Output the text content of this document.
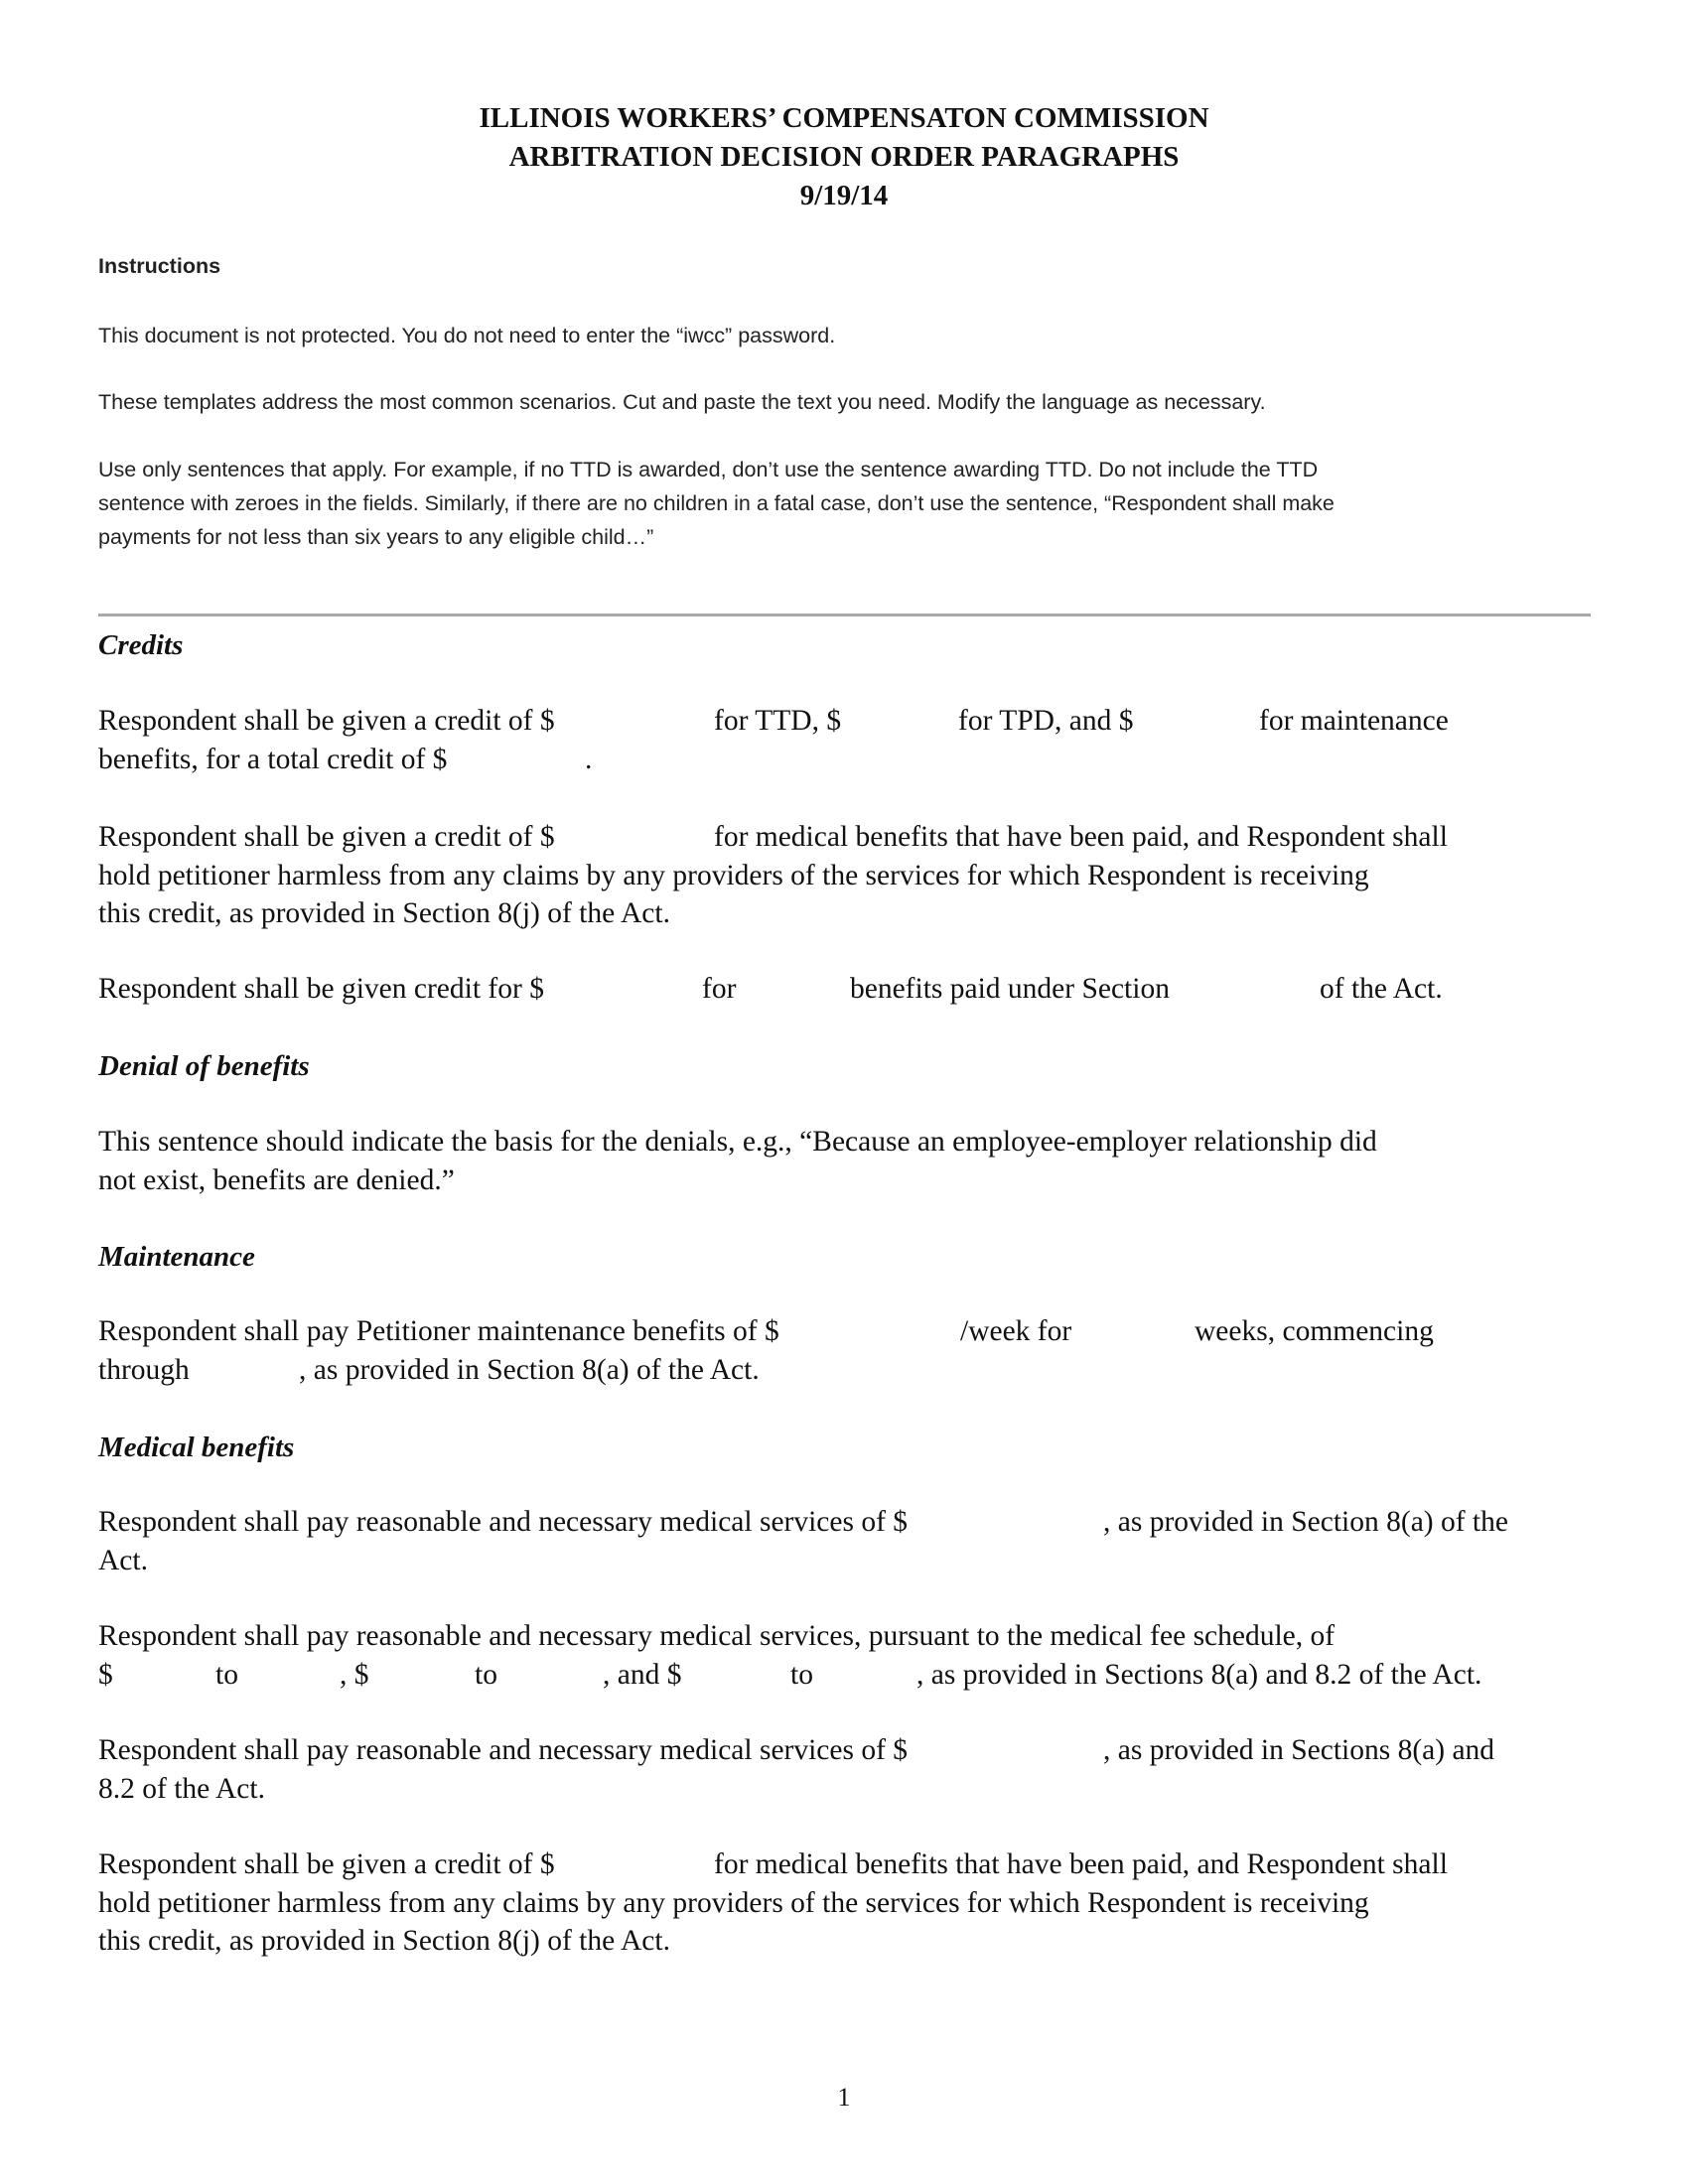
ILLINOIS WORKERS’ COMPENSATON COMMISSION
ARBITRATION DECISION ORDER PARAGRAPHS
9/19/14
Instructions
This document is not protected. You do not need to enter the “iwcc” password.
These templates address the most common scenarios. Cut and paste the text you need. Modify the language as necessary.
Use only sentences that apply. For example, if no TTD is awarded, don’t use the sentence awarding TTD. Do not include the TTD
sentence with zeroes in the fields. Similarly, if there are no children in a fatal case, don’t use the sentence, “Respondent shall make
payments for not less than six years to any eligible child…”
Credits
Respondent shall be given a credit of $	for TTD, $	for TPD, and $	for maintenance
benefits, for a total credit of $	.
Respondent shall be given a credit of $	for medical benefits that have been paid, and Respondent shall
hold petitioner harmless from any claims by any providers of the services for which Respondent is receiving
this credit, as provided in Section 8(j) of the Act.
Respondent shall be given credit for $	for	benefits paid under Section	of the Act.
Denial of benefits
This sentence should indicate the basis for the denials, e.g., “Because an employee-employer relationship did
not exist, benefits are denied.”
Maintenance
Respondent shall pay Petitioner maintenance benefits of $	/week for	weeks, commencing
through	, as provided in Section 8(a) of the Act.
Medical benefits
Respondent shall pay reasonable and necessary medical services of $	, as provided in Section 8(a) of the
Act.
Respondent shall pay reasonable and necessary medical services, pursuant to the medical fee schedule, of
$	to	, $	to	, and $	to	, as provided in Sections 8(a) and 8.2 of the Act.
Respondent shall pay reasonable and necessary medical services of $	, as provided in Sections 8(a) and
8.2 of the Act.
Respondent shall be given a credit of $	for medical benefits that have been paid, and Respondent shall
hold petitioner harmless from any claims by any providers of the services for which Respondent is receiving
this credit, as provided in Section 8(j) of the Act.
1
